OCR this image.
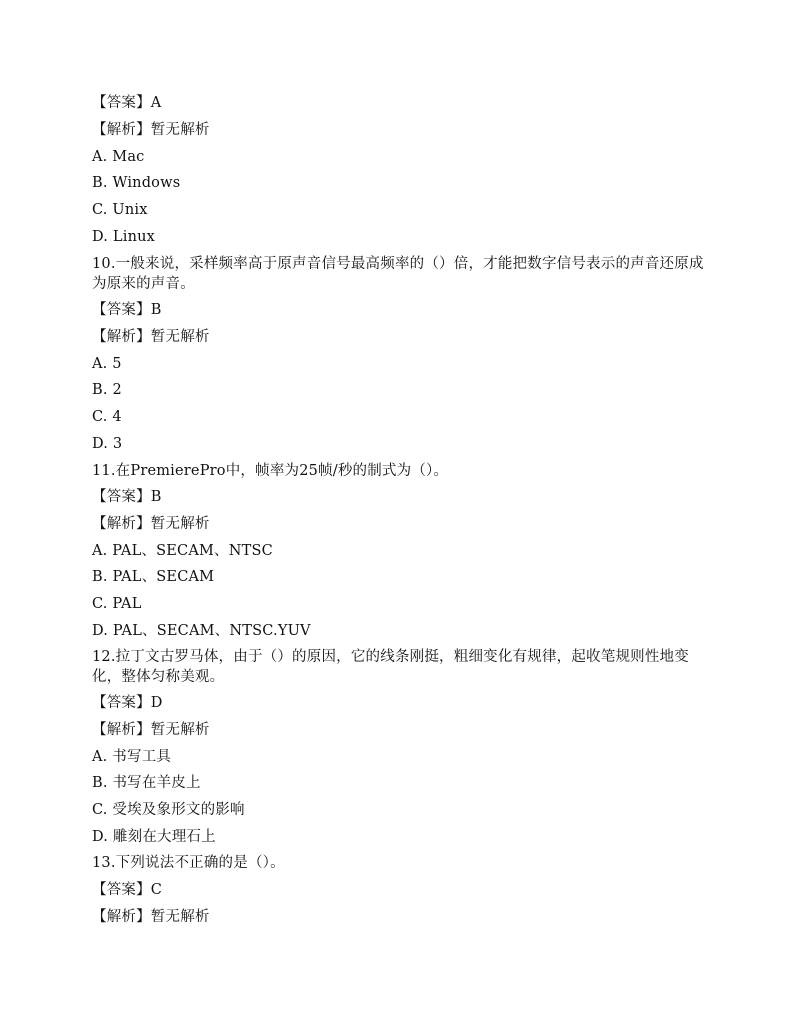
【答案】A
【解析】暂无解析
A. Mac
B. Windows
C. Unix
D. Linux
10.一般来说，采样频率高于原声音信号最高频率的（）倍，才能把数字信号表示的声音还原成为原来的声音。
【答案】B
【解析】暂无解析
A. 5
B. 2
C. 4
D. 3
11.在PremierePro中，帧率为25帧/秒的制式为（）。
【答案】B
【解析】暂无解析
A. PAL、SECAM、NTSC
B. PAL、SECAM
C. PAL
D. PAL、SECAM、NTSC.YUV
12.拉丁文古罗马体，由于（）的原因，它的线条刚挺，粗细变化有规律，起收笔规则性地变化，整体匀称美观。
【答案】D
【解析】暂无解析
A. 书写工具
B. 书写在羊皮上
C. 受埃及象形文的影响
D. 雕刻在大理石上
13.下列说法不正确的是（）。
【答案】C
【解析】暂无解析
